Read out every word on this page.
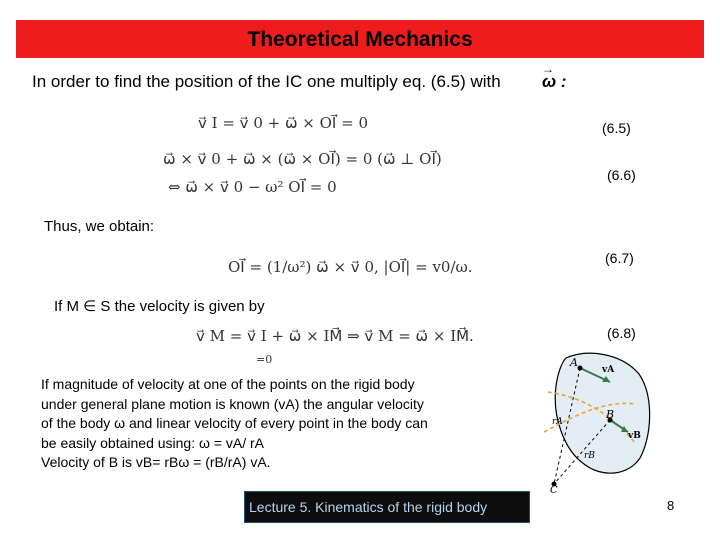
Theoretical Mechanics
In order to find the position of the IC one multiply eq. (6.5) with
→
ω :
v⃗ I = v⃗ 0 + ω⃗ × OI⃗ = 0	(6.5)
ω⃗ × v⃗ 0 + ω⃗ × (ω⃗ × OI⃗) = 0 (ω⃗ ⊥ OI⃗)
⇔ ω⃗ × v⃗ 0 − ω² OI⃗ = 0
(6.6)
Thus, we obtain:
OI⃗ = (1/ω²) ω⃗ × v⃗ 0, |OI⃗| = v0/ω.	(6.7)
If M ∈ S the velocity is given by
v⃗ M = v⃗ I + ω⃗ × IM⃗ ⇒ v⃗ M = ω⃗ × IM⃗.
=0
(6.8)
If magnitude of velocity at one of the points on the rigid body
under general plane motion is known (vA) the angular velocity
of the body ω and linear velocity of every point in the body can
be easily obtained using: ω = vA/ rA
Velocity of B is vB= rBω = (rB/rA) vA.
A
B
C
vA
vB
rA
rB
Lecture 5. Kinematics of the rigid body	8
